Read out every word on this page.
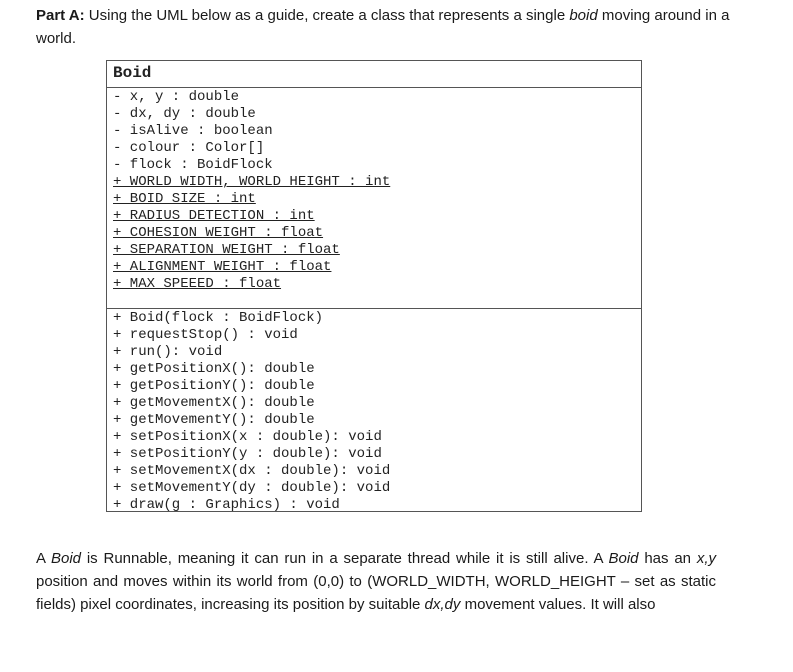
Part A: Using the UML below as a guide, create a class that represents a single boid moving around in a world.
Boid
- x, y : double
- dx, dy : double
- isAlive : boolean
- colour : Color[]
- flock : BoidFlock
+ WORLD WIDTH, WORLD HEIGHT : int
+ BOID SIZE : int
+ RADIUS DETECTION : int
+ COHESION WEIGHT : float
+ SEPARATION WEIGHT : float
+ ALIGNMENT WEIGHT : float
+ MAX SPEEED : float
+ Boid(flock : BoidFlock)
+ requestStop() : void
+ run(): void
+ getPositionX(): double
+ getPositionY(): double
+ getMovementX(): double
+ getMovementY(): double
+ setPositionX(x : double): void
+ setPositionY(y : double): void
+ setMovementX(dx : double): void
+ setMovementY(dy : double): void
+ draw(g : Graphics) : void
A Boid is Runnable, meaning it can run in a separate thread while it is still alive. A Boid has an x,y position and moves within its world from (0,0) to (WORLD_WIDTH, WORLD_HEIGHT – set as static fields) pixel coordinates, increasing its position by suitable dx,dy movement values. It will also
